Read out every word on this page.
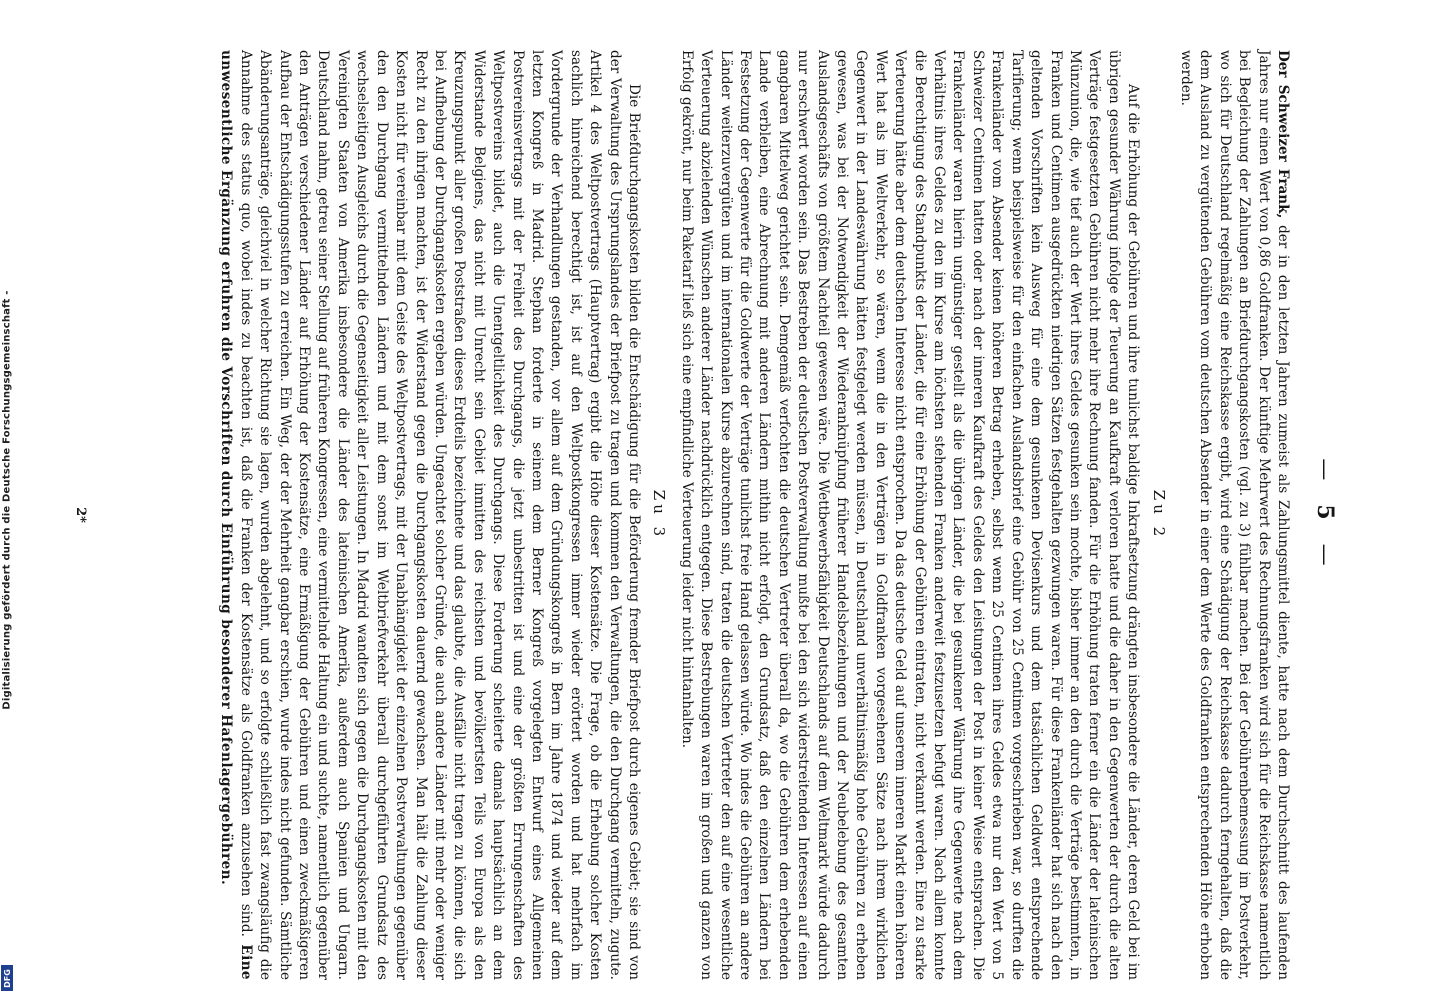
Digitalisierung gefördert durch die Deutsche Forschungsgemeinschaft -
DFG
—5—

Der Schweizer Frank, der in den letzten Jahren zumeist als Zahlungsmittel diente, hatte nach dem Durchschnitt des laufenden Jahres nur einen Wert von 0,86 Goldfranken. Der künftige Mehrwert des Rechnungsfranken wird sich für die Reichskasse namentlich bei Begleichung der Zahlungen an Briefdurchgangskosten (vgl. zu 3) fühlbar machen. Bei der Gebührenbemessung im Postverkehr, wo sich für Deutschland regelmäßig eine Reichskasse ergibt, wird eine Schädigung der Reichskasse dadurch ferngehalten, daß die dem Ausland zu vergütenden Gebühren vom deutschen Absender in einer dem Werte des Goldfranken entsprechenden Höhe erhoben werden.

Zu 2

Auf die Erhöhung der Gebühren und ihre tunlichst baldige Inkraftsetzung drängten insbesondere die Länder, deren Geld bei im übrigen gesunder Währung infolge der Teuerung an Kaufkraft verloren hatte und die daher in den Gegenwerten der durch die alten Verträge festgesetzten Gebühren nicht mehr ihre Rechnung fanden. Für die Erhöhung traten ferner ein die Länder der lateinischen Münzunion, die, wie tief auch der Wert ihres Geldes gesunken sein mochte, bisher immer an den durch die Verträge bestimmten, in Franken und Centimen ausgedrückten niedrigen Sätzen festgehalten gezwungen waren. Für diese Frankenländer hat sich nach den geltenden Vorschriften kein Ausweg für eine dem gesunkenen Devisenkurs und dem tatsächlichen Geldwert entsprechende Tarifierung; wenn beispielsweise für den einfachen Auslandsbrief eine Gebühr von 25 Centimen vorgeschrieben war, so durften die Frankenländer vom Absender keinen höheren Betrag erheben, selbst wenn 25 Centimen ihres Geldes etwa nur den Wert von 5 Schweizer Centimen hatten oder nach der inneren Kaufkraft des Geldes den Leistungen der Post in keiner Weise entsprachen. Die Frankenländer waren hierin ungünstiger gestellt als die übrigen Länder, die bei gesunkener Währung ihre Gegenwerte nach dem Verhältnis ihres Geldes zu den im Kurse am höchsten stehenden Franken anderweit festzusetzen befugt waren. Nach allem konnte die Berechtigung des Standpunkts der Länder, die für eine Erhöhung der Gebühren eintraten, nicht verkannt werden. Eine zu starke Verteuerung hätte aber dem deutschen Interesse nicht entsprochen. Da das deutsche Geld auf unserem inneren Markt einen höheren Wert hat als im Weltverkehr, so wären, wenn die in den Verträgen in Goldfranken vorgesehenen Sätze nach ihrem wirklichen Gegenwert in der Landeswährung hätten festgelegt werden müssen, in Deutschland unverhältnismäßig hohe Gebühren zu erheben gewesen, was bei der Notwendigkeit der Wiederanknüpfung früherer Handelsbeziehungen und der Neubelebung des gesamten Auslandsgeschäfts von größtem Nachteil gewesen wäre. Die Wettbewerbsfähigkeit Deutschlands auf dem Weltmarkt würde dadurch nur erschwert worden sein. Das Bestreben der deutschen Postverwaltung mußte bei den sich widerstreitenden Interessen auf einen gangbaren Mittelweg gerichtet sein. Demgemäß verfochten die deutschen Vertreter überall da, wo die Gebühren dem erhebenden Lande verbleiben, eine Abrechnung mit anderen Ländern mithin nicht erfolgt, den Grundsatz, daß den einzelnen Ländern bei Festsetzung der Gegenwerte für die Goldwerte der Verträge tunlichst freie Hand gelassen würde. Wo indes die Gebühren an andere Länder weiterzuvergüten und im internationalen Kurse abzurechnen sind, traten die deutschen Vertreter den auf eine wesentliche Verteuerung abzielenden Wünschen anderer Länder nachdrücklich entgegen. Diese Bestrebungen waren im großen und ganzen von Erfolg gekrönt, nur beim Paketarif ließ sich eine empfindliche Verteuerung leider nicht hintanhalten.

Zu 3

Die Briefdurchgangskosten bilden die Entschädigung für die Beförderung fremder Briefpost durch eigenes Gebiet; sie sind von der Verwaltung des Ursprungslandes der Briefpost zu tragen und kommen den Verwaltungen, die den Durchgang vermitteln, zugute. Artikel 4 des Weltpostvertrags (Hauptvertrag) ergibt die Höhe dieser Kostensätze. Die Frage, ob die Erhebung solcher Kosten sachlich hinreichend berechtigt ist, ist auf den Weltpostkongressen immer wieder erörtert worden und hat mehrfach im Vordergrunde der Verhandlungen gestanden, vor allem auf dem Gründungskongreß in Bern im Jahre 1874 und wieder auf dem letzten Kongreß in Madrid. Stephan forderte in seinem dem Berner Kongreß vorgelegten Entwurf eines Allgemeinen Postvereinsvertrags mit der Freiheit des Durchgangs, die jetzt unbestritten ist und eine der größten Errungenschaften des Weltpostvereins bildet, auch die Unentgeltlichkeit des Durchgangs. Diese Forderung scheiterte damals hauptsächlich an dem Widerstande Belgiens, das nicht mit Unrecht sein Gebiet inmitten des reichsten und bevölkertsten Teils von Europa als den Kreuzungspunkt aller großen Poststraßen dieses Erdteils bezeichnete und das glaubte, die Ausfälle nicht tragen zu können, die sich bei Aufhebung der Durchgangskosten ergeben würden. Ungeachtet solcher Gründe, die auch andere Länder mit mehr oder weniger Recht zu den ihrigen machten, ist der Widerstand gegen die Durchgangskosten dauernd gewachsen. Man hält die Zahlung dieser Kosten nicht für vereinbar mit dem Geiste des Weltpostvertrags, mit der Unabhängigkeit der einzelnen Postverwaltungen gegenüber den den Durchgang vermittelnden Ländern und mit dem sonst im Weltbriefverkehr überall durchgeführten Grundsatz des wechselseitigen Ausgleichs durch die Gegenseitigkeit aller Leistungen. In Madrid wandten sich gegen die Durchgangskosten mit den Vereinigten Staaten von Amerika insbesondere die Länder des lateinischen Amerika, außerdem auch Spanien und Ungarn. Deutschland nahm, getreu seiner Stellung auf früheren Kongressen, eine vermittelnde Haltung ein und suchte, namentlich gegenüber den Anträgen verschiedener Länder auf Erhöhung der Kostensätze, eine Ermäßigung der Gebühren und einen zweckmäßigeren Aufbau der Entschädigungsstufen zu erreichen. Ein Weg, der der Mehrheit gangbar erschien, wurde indes nicht gefunden. Sämtliche Abänderungsanträge, gleichviel in welcher Richtung sie lagen, wurden abgelehnt, und so erfolgte schließlich fast zwangsläufig die Annahme des status quo, wobei indes zu beachten ist, daß die Franken der Kostensätze als Goldfranken anzusehen sind. Eine unwesentliche Ergänzung erfuhren die Vorschriften durch Einführung besonderer Hafenlagergebühren.

2*
